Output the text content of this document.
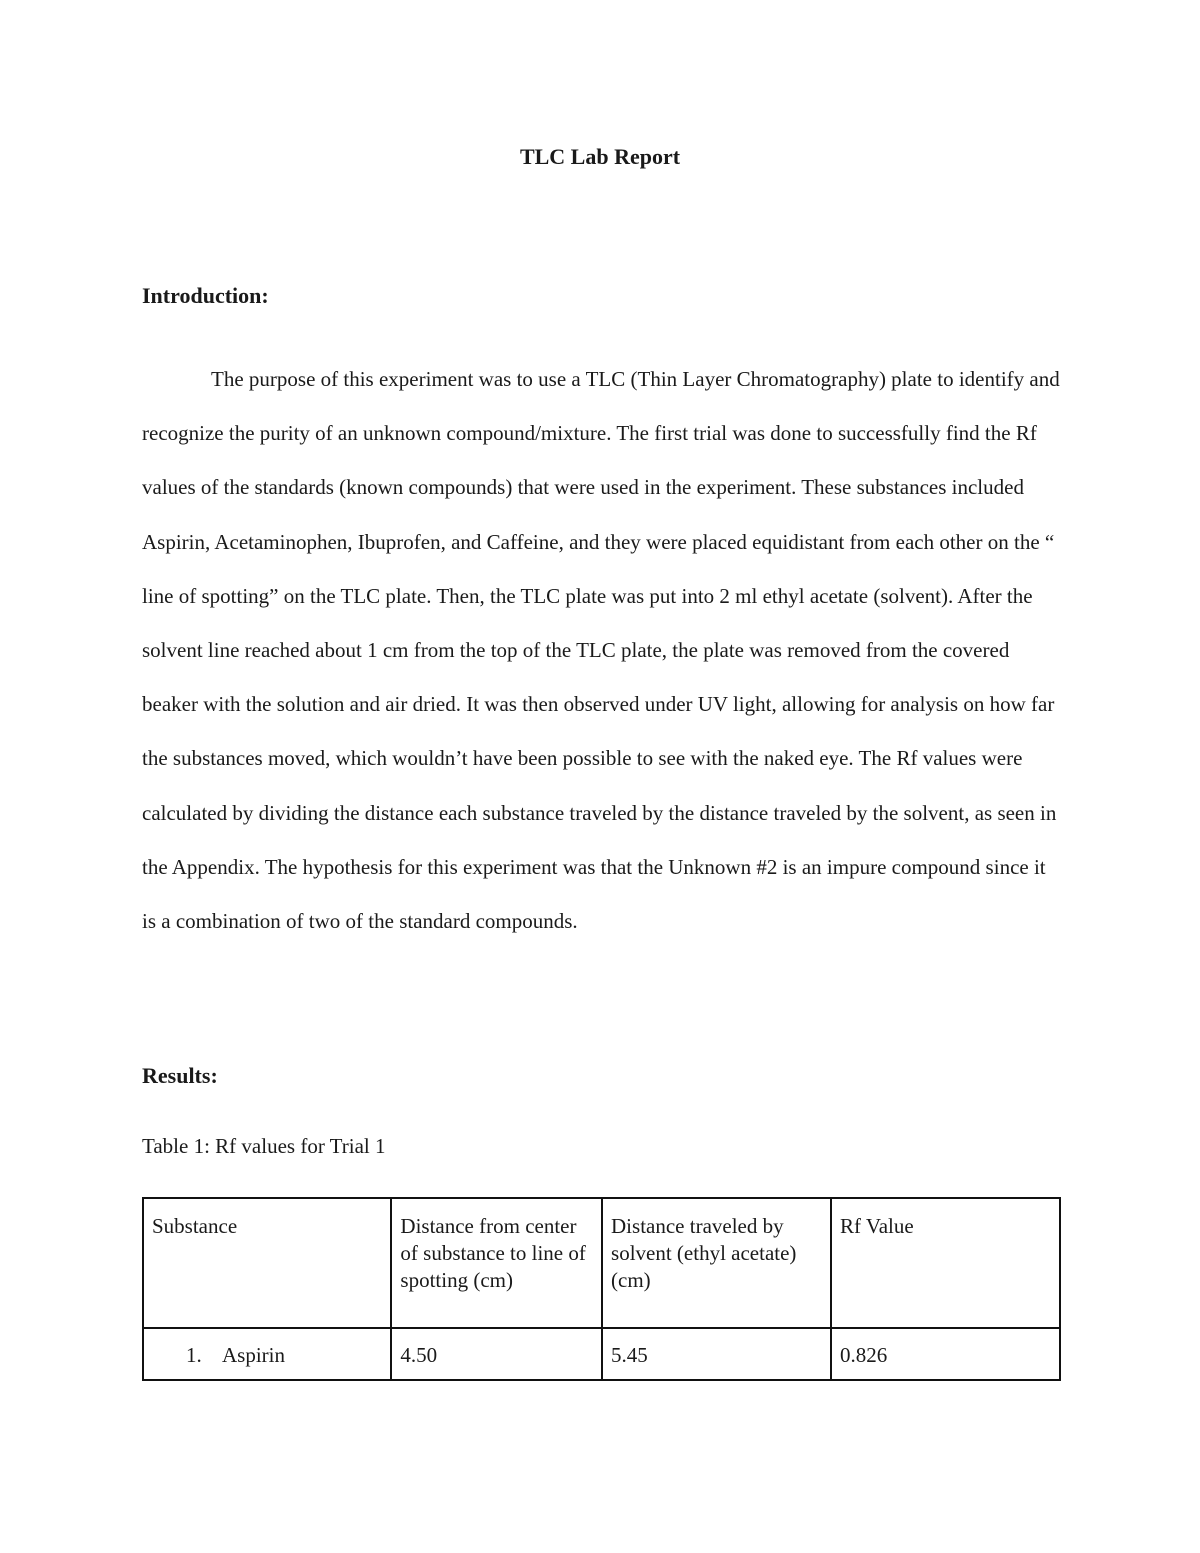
TLC Lab Report
Introduction:

The purpose of this experiment was to use a TLC (Thin Layer Chromatography) plate to identify and recognize the purity of an unknown compound/mixture. The first trial was done to successfully find the Rf values of the standards (known compounds) that were used in the experiment. These substances included Aspirin, Acetaminophen, Ibuprofen, and Caffeine, and they were placed equidistant from each other on the “ line of spotting” on the TLC plate. Then, the TLC plate was put into 2 ml ethyl acetate (solvent). After the solvent line reached about 1 cm from the top of the TLC plate, the plate was removed from the covered beaker with the solution and air dried. It was then observed under UV light, allowing for analysis on how far the substances moved, which wouldn’t have been possible to see with the naked eye. The Rf values were calculated by dividing the distance each substance traveled by the distance traveled by the solvent, as seen in the Appendix. The hypothesis for this experiment was that the Unknown #2 is an impure compound since it is a combination of two of the standard compounds.

Results:
Table 1: Rf values for Trial 1
Substance	Distance from center of substance to line of spotting (cm)	Distance traveled by solvent (ethyl acetate) (cm)	Rf Value
1. Aspirin	4.50	5.45	0.826
